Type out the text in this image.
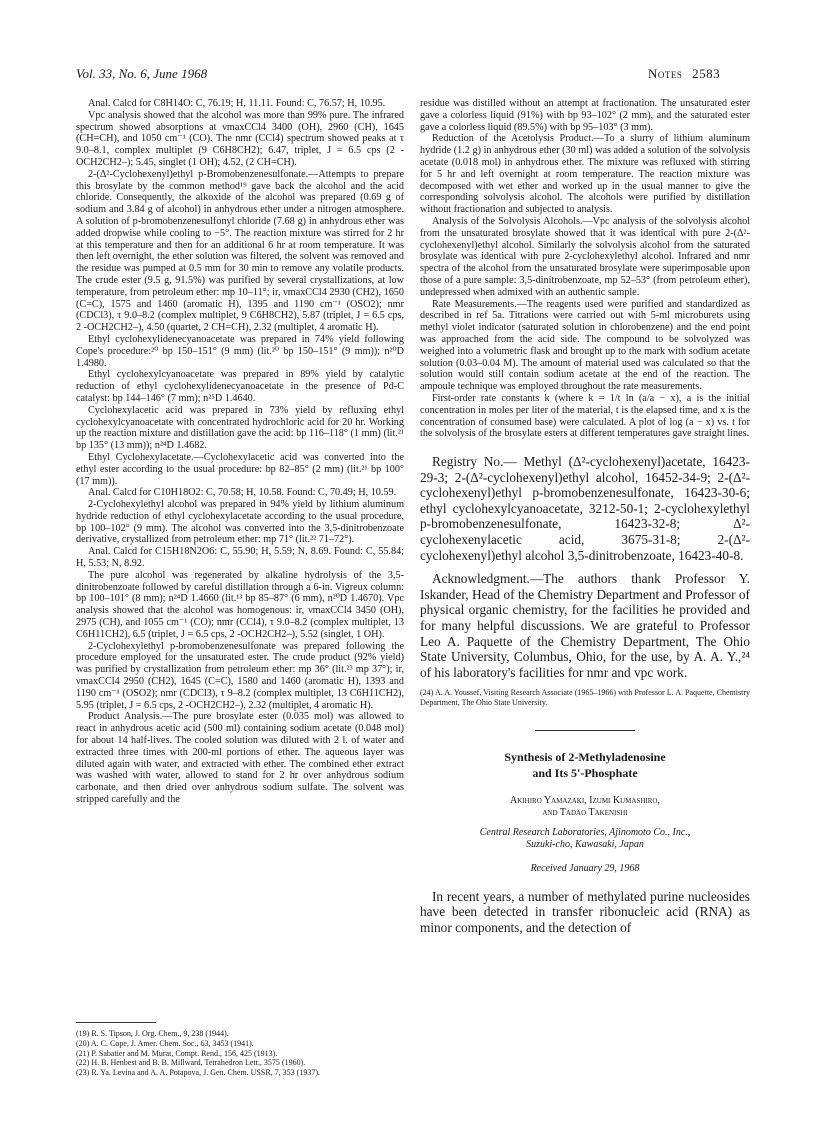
Vol. 33, No. 6, June 1968	Notes 2583

Anal. Calcd for C8H14O: C, 76.19; H, 11.11. Found: C, 76.57; H, 10.95.

Vpc analysis showed that the alcohol was more than 99% pure. The infrared spectrum showed absorptions at νmaxCCl4 3400 (OH), 2960 (CH), 1645 (CH=CH), and 1050 cm⁻¹ (CO). The nmr (CCl4) spectrum showed peaks at τ 9.0–8.1, complex multiplet (9 C6H8CH2); 6.47, triplet, J = 6.5 cps (2 -OCH2CH2–); 5.45, singlet (1 OH); 4.52, (2 CH=CH).

2-(Δ²-Cyclohexenyl)ethyl p-Bromobenzenesulfonate.—Attempts to prepare this brosylate by the common method¹⁹ gave back the alcohol and the acid chloride. Consequently, the alkoxide of the alcohol was prepared (0.69 g of sodium and 3.84 g of alcohol) in anhydrous ether under a nitrogen atmosphere. A solution of p-bromobenzenesulfonyl chloride (7.68 g) in anhydrous ether was added dropwise while cooling to −5°. The reaction mixture was stirred for 2 hr at this temperature and then for an additional 6 hr at room temperature. It was then left overnight, the ether solution was filtered, the solvent was removed and the residue was pumped at 0.5 mm for 30 min to remove any volatile products. The crude ester (9.5 g, 91.5%) was purified by several crystallizations, at low temperature, from petroleum ether: mp 10–11°; ir, νmaxCCl4 2930 (CH2), 1650 (C=C), 1575 and 1460 (aromatic H), 1395 and 1190 cm⁻¹ (OSO2); nmr (CDCl3), τ 9.0–8.2 (complex multiplet, 9 C6H8CH2), 5.87 (triplet, J = 6.5 cps, 2 -OCH2CH2–), 4.50 (quartet, 2 CH=CH), 2.32 (multiplet, 4 aromatic H).

Ethyl cyclohexylidenecyanoacetate was prepared in 74% yield following Cope's procedure:²⁰ bp 150–151° (9 mm) (lit.²⁰ bp 150–151° (9 mm)); n²⁰D 1.4980.

Ethyl cyclohexylcyanoacetate was prepared in 89% yield by catalytic reduction of ethyl cyclohexylidenecyanoacetate in the presence of Pd-C catalyst: bp 144–146° (7 mm); n²⁵D 1.4640.

Cyclohexylacetic acid was prepared in 73% yield by refluxing ethyl cyclohexylcyanoacetate with concentrated hydrochloric acid for 20 hr. Working up the reaction mixture and distillation gave the acid: bp 116–118° (1 mm) (lit.²¹ bp 135° (13 mm)); n²⁴D 1.4682.

Ethyl Cyclohexylacetate.—Cyclohexylacetic acid was converted into the ethyl ester according to the usual procedure: bp 82–85° (2 mm) (lit.²¹ bp 100° (17 mm)).

Anal. Calcd for C10H18O2: C, 70.58; H, 10.58. Found: C, 70.49; H, 10.59.

2-Cyclohexylethyl alcohol was prepared in 94% yield by lithium aluminum hydride reduction of ethyl cyclohexylacetate according to the usual procedure, bp 100–102° (9 mm). The alcohol was converted into the 3,5-dinitrobenzoate derivative, crystallized from petroleum ether: mp 71° (lit.²² 71–72°).

Anal. Calcd for C15H18N2O6: C, 55.90; H, 5.59; N, 8.69. Found: C, 55.84; H, 5.53; N, 8.92.

The pure alcohol was regenerated by alkaline hydrolysis of the 3,5-dinitrobenzoate followed by careful distillation through a 6-in. Vigreux column: bp 100–101° (8 mm); n²⁴D 1.4660 (lit.¹³ bp 85–87° (6 mm), n²⁰D 1.4670). Vpc analysis showed that the alcohol was homogenous: ir, νmaxCCl4 3450 (OH), 2975 (CH), and 1055 cm⁻¹ (CO); nmr (CCl4), τ 9.0–8.2 (complex multiplet, 13 C6H11CH2), 6.5 (triplet, J = 6.5 cps, 2 -OCH2CH2–), 5.52 (singlet, 1 OH).

2-Cyclohexylethyl p-bromobenzenesulfonate was prepared following the procedure employed for the unsaturated ester. The crude product (92% yield) was purified by crystallization from petroleum ether: mp 36° (lit.²³ mp 37°); ir, νmaxCCl4 2950 (CH2), 1645 (C=C), 1580 and 1460 (aromatic H), 1393 and 1190 cm⁻¹ (OSO2); nmr (CDCl3), τ 9–8.2 (complex multiplet, 13 C6H11CH2), 5.95 (triplet, J = 6.5 cps, 2 -OCH2CH2–), 2.32 (multiplet, 4 aromatic H).

Product Analysis.—The pure brosylate ester (0.035 mol) was allowed to react in anhydrous acetic acid (500 ml) containing sodium acetate (0.048 mol) for about 14 half-lives. The cooled solution was diluted with 2 l. of water and extracted three times with 200-ml portions of ether. The aqueous layer was diluted again with water, and extracted with ether. The combined ether extract was washed with water, allowed to stand for 2 hr over anhydrous sodium carbonate, and then dried over anhydrous sodium sulfate. The solvent was stripped carefully and the

(19) R. S. Tipson, J. Org. Chem., 9, 238 (1944).
(20) A. C. Cope, J. Amer. Chem. Soc., 63, 3453 (1941).
(21) P. Sabatier and M. Murat, Compt. Rend., 156, 425 (1913).
(22) H. B. Henbest and B. B. Millward, Tetrahedron Lett., 3575 (1960).
(23) R. Ya. Levina and A. A. Potapova, J. Gen. Chem. USSR, 7, 353 (1937).

residue was distilled without an attempt at fractionation. The unsaturated ester gave a colorless liquid (91%) with bp 93–102° (2 mm), and the saturated ester gave a colorless liquid (89.5%) with bp 95–103° (3 mm).

Reduction of the Acetolysis Product.—To a slurry of lithium aluminum hydride (1.2 g) in anhydrous ether (30 ml) was added a solution of the solvolysis acetate (0.018 mol) in anhydrous ether. The mixture was refluxed with stirring for 5 hr and left overnight at room temperature. The reaction mixture was decomposed with wet ether and worked up in the usual manner to give the corresponding solvolysis alcohol. The alcohols were purified by distillation without fractionation and subjected to analysis.

Analysis of the Solvolysis Alcohols.—Vpc analysis of the solvolysis alcohol from the unsaturated brosylate showed that it was identical with pure 2-(Δ²-cyclohexenyl)ethyl alcohol. Similarly the solvolysis alcohol from the saturated brosylate was identical with pure 2-cyclohexylethyl alcohol. Infrared and nmr spectra of the alcohol from the unsaturated brosylate were superimposable upon those of a pure sample: 3,5-dinitrobenzoate, mp 52–53° (from petroleum ether), undepressed when admixed with an authentic sample.

Rate Measurements.—The reagents used were purified and standardized as described in ref 5a. Titrations were carried out with 5-ml microburets using methyl violet indicator (saturated solution in chlorobenzene) and the end point was approached from the acid side. The compound to be solvolyzed was weighed into a volumetric flask and brought up to the mark with sodium acetate solution (0.03–0.04 M). The amount of material used was calculated so that the solution would still contain sodium acetate at the end of the reaction. The ampoule technique was employed throughout the rate measurements.

First-order rate constants k (where k = 1/t ln (a/a − x), a is the initial concentration in moles per liter of the material, t is the elapsed time, and x is the concentration of consumed base) were calculated. A plot of log (a − x) vs. t for the solvolysis of the brosylate esters at different temperatures gave straight lines.

Registry No.— Methyl (Δ²-cyclohexenyl)acetate, 16423-29-3; 2-(Δ²-cyclohexenyl)ethyl alcohol, 16452-34-9; 2-(Δ²-cyclohexenyl)ethyl p-bromobenzenesulfonate, 16423-30-6; ethyl cyclohexylcyanoacetate, 3212-50-1; 2-cyclohexylethyl p-bromobenzenesulfonate, 16423-32-8; Δ²-cyclohexenylacetic acid, 3675-31-8; 2-(Δ²-cyclohexenyl)ethyl alcohol 3,5-dinitrobenzoate, 16423-40-8.

Acknowledgment.—The authors thank Professor Y. Iskander, Head of the Chemistry Department and Professor of physical organic chemistry, for the facilities he provided and for many helpful discussions. We are grateful to Professor Leo A. Paquette of the Chemistry Department, The Ohio State University, Columbus, Ohio, for the use, by A. A. Y.,²⁴ of his laboratory's facilities for nmr and vpc work.

(24) A. A. Youssef, Visiting Research Associate (1965–1966) with Professor L. A. Paquette, Chemistry Department, The Ohio State University.
Synthesis of 2-Methyladenosine
and Its 5'-Phosphate
Akihiro Yamazaki, Izumi Kumashiro,
and Tadao Takenishi
Central Research Laboratories, Ajinomoto Co., Inc.,
Suzuki-cho, Kawasaki, Japan
Received January 29, 1968

In recent years, a number of methylated purine nucleosides have been detected in transfer ribonucleic acid (RNA) as minor components, and the detection of
